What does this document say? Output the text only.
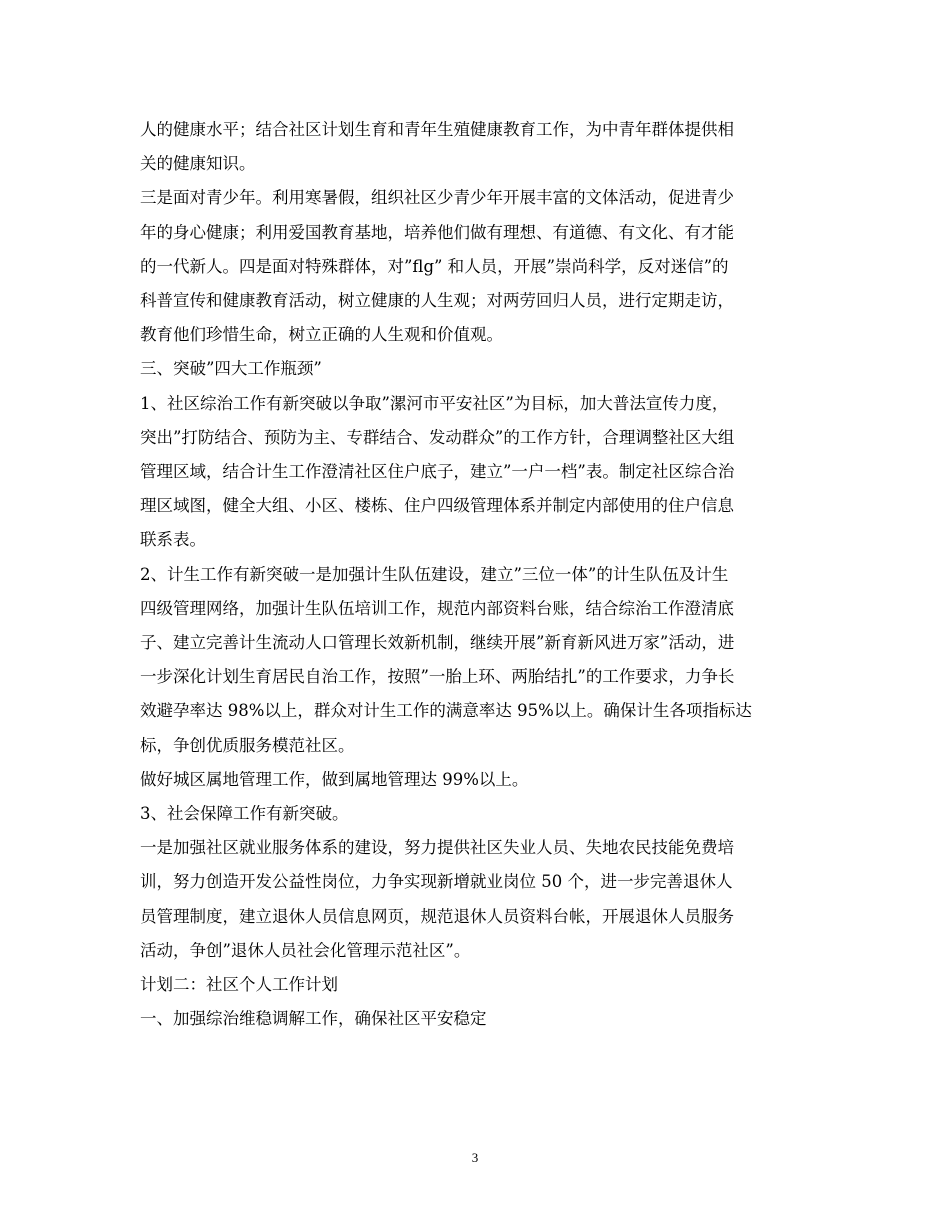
人的健康水平；结合社区计划生育和青年生殖健康教育工作，为中青年群体提供相

关的健康知识。

三是面对青少年。利用寒暑假，组织社区少青少年开展丰富的文体活动，促进青少

年的身心健康；利用爱国教育基地，培养他们做有理想、有道德、有文化、有才能

的一代新人。四是面对特殊群体，对”flg” 和人员，开展”崇尚科学，反对迷信”的

科普宣传和健康教育活动，树立健康的人生观；对两劳回归人员，进行定期走访，

教育他们珍惜生命，树立正确的人生观和价值观。

三、突破”四大工作瓶颈”

1、社区综治工作有新突破以争取”漯河市平安社区”为目标，加大普法宣传力度，

突出”打防结合、预防为主、专群结合、发动群众”的工作方针，合理调整社区大组

管理区域，结合计生工作澄清社区住户底子，建立”一户一档”表。制定社区综合治

理区域图，健全大组、小区、楼栋、住户四级管理体系并制定内部使用的住户信息

联系表。

2、计生工作有新突破一是加强计生队伍建设，建立”三位一体”的计生队伍及计生

四级管理网络，加强计生队伍培训工作，规范内部资料台账，结合综治工作澄清底

子、建立完善计生流动人口管理长效新机制，继续开展”新育新风进万家”活动，进

一步深化计划生育居民自治工作，按照”一胎上环、两胎结扎”的工作要求，力争长

效避孕率达 98%以上，群众对计生工作的满意率达 95%以上。确保计生各项指标达

标，争创优质服务模范社区。

做好城区属地管理工作，做到属地管理达 99%以上。

3、社会保障工作有新突破。

一是加强社区就业服务体系的建设，努力提供社区失业人员、失地农民技能免费培

训，努力创造开发公益性岗位，力争实现新增就业岗位 50 个，进一步完善退休人

员管理制度，建立退休人员信息网页，规范退休人员资料台帐，开展退休人员服务

活动，争创”退休人员社会化管理示范社区”。

计划二：社区个人工作计划

一、加强综治维稳调解工作，确保社区平安稳定

3
